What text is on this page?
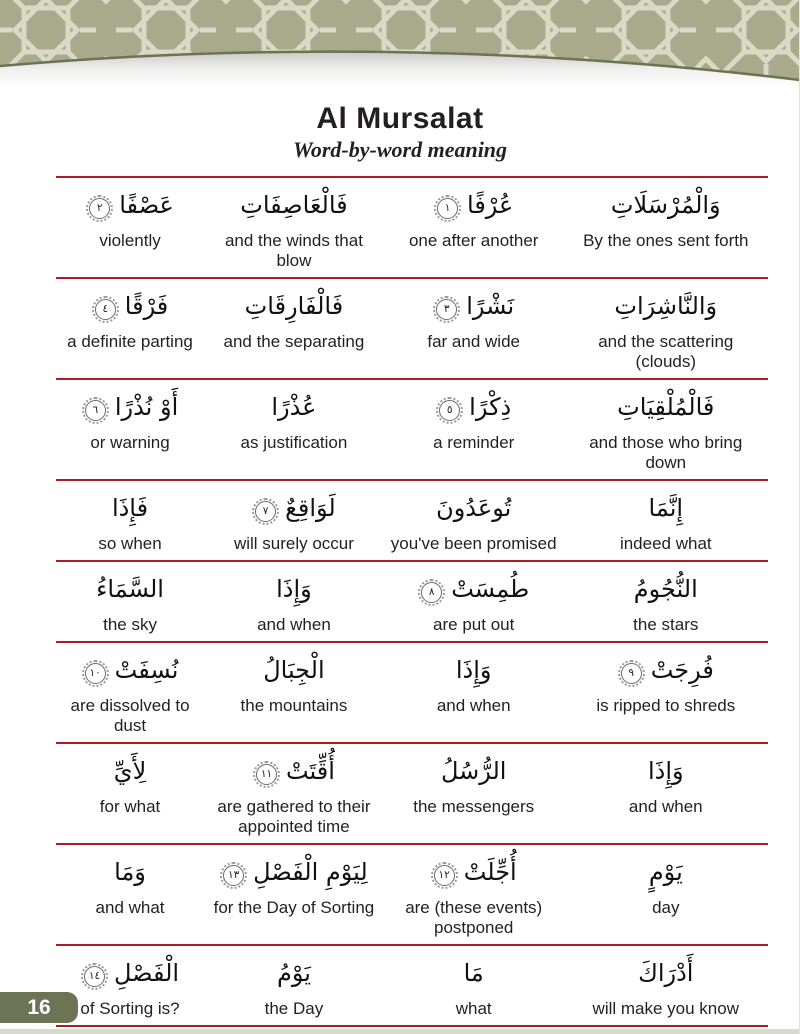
Al Mursalat
Word-by-word meaning
وَالْمُرْسَلَاتِ
By the ones sent forth
عُرْفًا١
one after another
فَالْعَاصِفَاتِ
and the winds that blow
عَصْفًا٢
violently
وَالنَّاشِرَاتِ
and the scattering (clouds)
نَشْرًا٣
far and wide
فَالْفَارِقَاتِ
and the separating
فَرْقًا٤
a definite parting
فَالْمُلْقِيَاتِ
and those who bring down
ذِكْرًا٥
a reminder
عُذْرًا
as justification
أَوْ نُذْرًا٦
or warning
إِنَّمَا
indeed what
تُوعَدُونَ
you've been promised
لَوَاقِعٌ٧
will surely occur
فَإِذَا
so when
النُّجُومُ
the stars
طُمِسَتْ٨
are put out
وَإِذَا
and when
السَّمَاءُ
the sky
فُرِجَتْ٩
is ripped to shreds
وَإِذَا
and when
الْجِبَالُ
the mountains
نُسِفَتْ١٠
are dissolved to dust
وَإِذَا
and when
الرُّسُلُ
the messengers
أُقِّتَتْ١١
are gathered to their appointed time
لِأَيِّ
for what
يَوْمٍ
day
أُجِّلَتْ١٢
are (these events) postponed
لِيَوْمِ الْفَصْلِ١٣
for the Day of Sorting
وَمَا
and what
أَدْرَاكَ
will make you know
مَا
what
يَوْمُ
the Day
الْفَصْلِ١٤
of Sorting is?
16
